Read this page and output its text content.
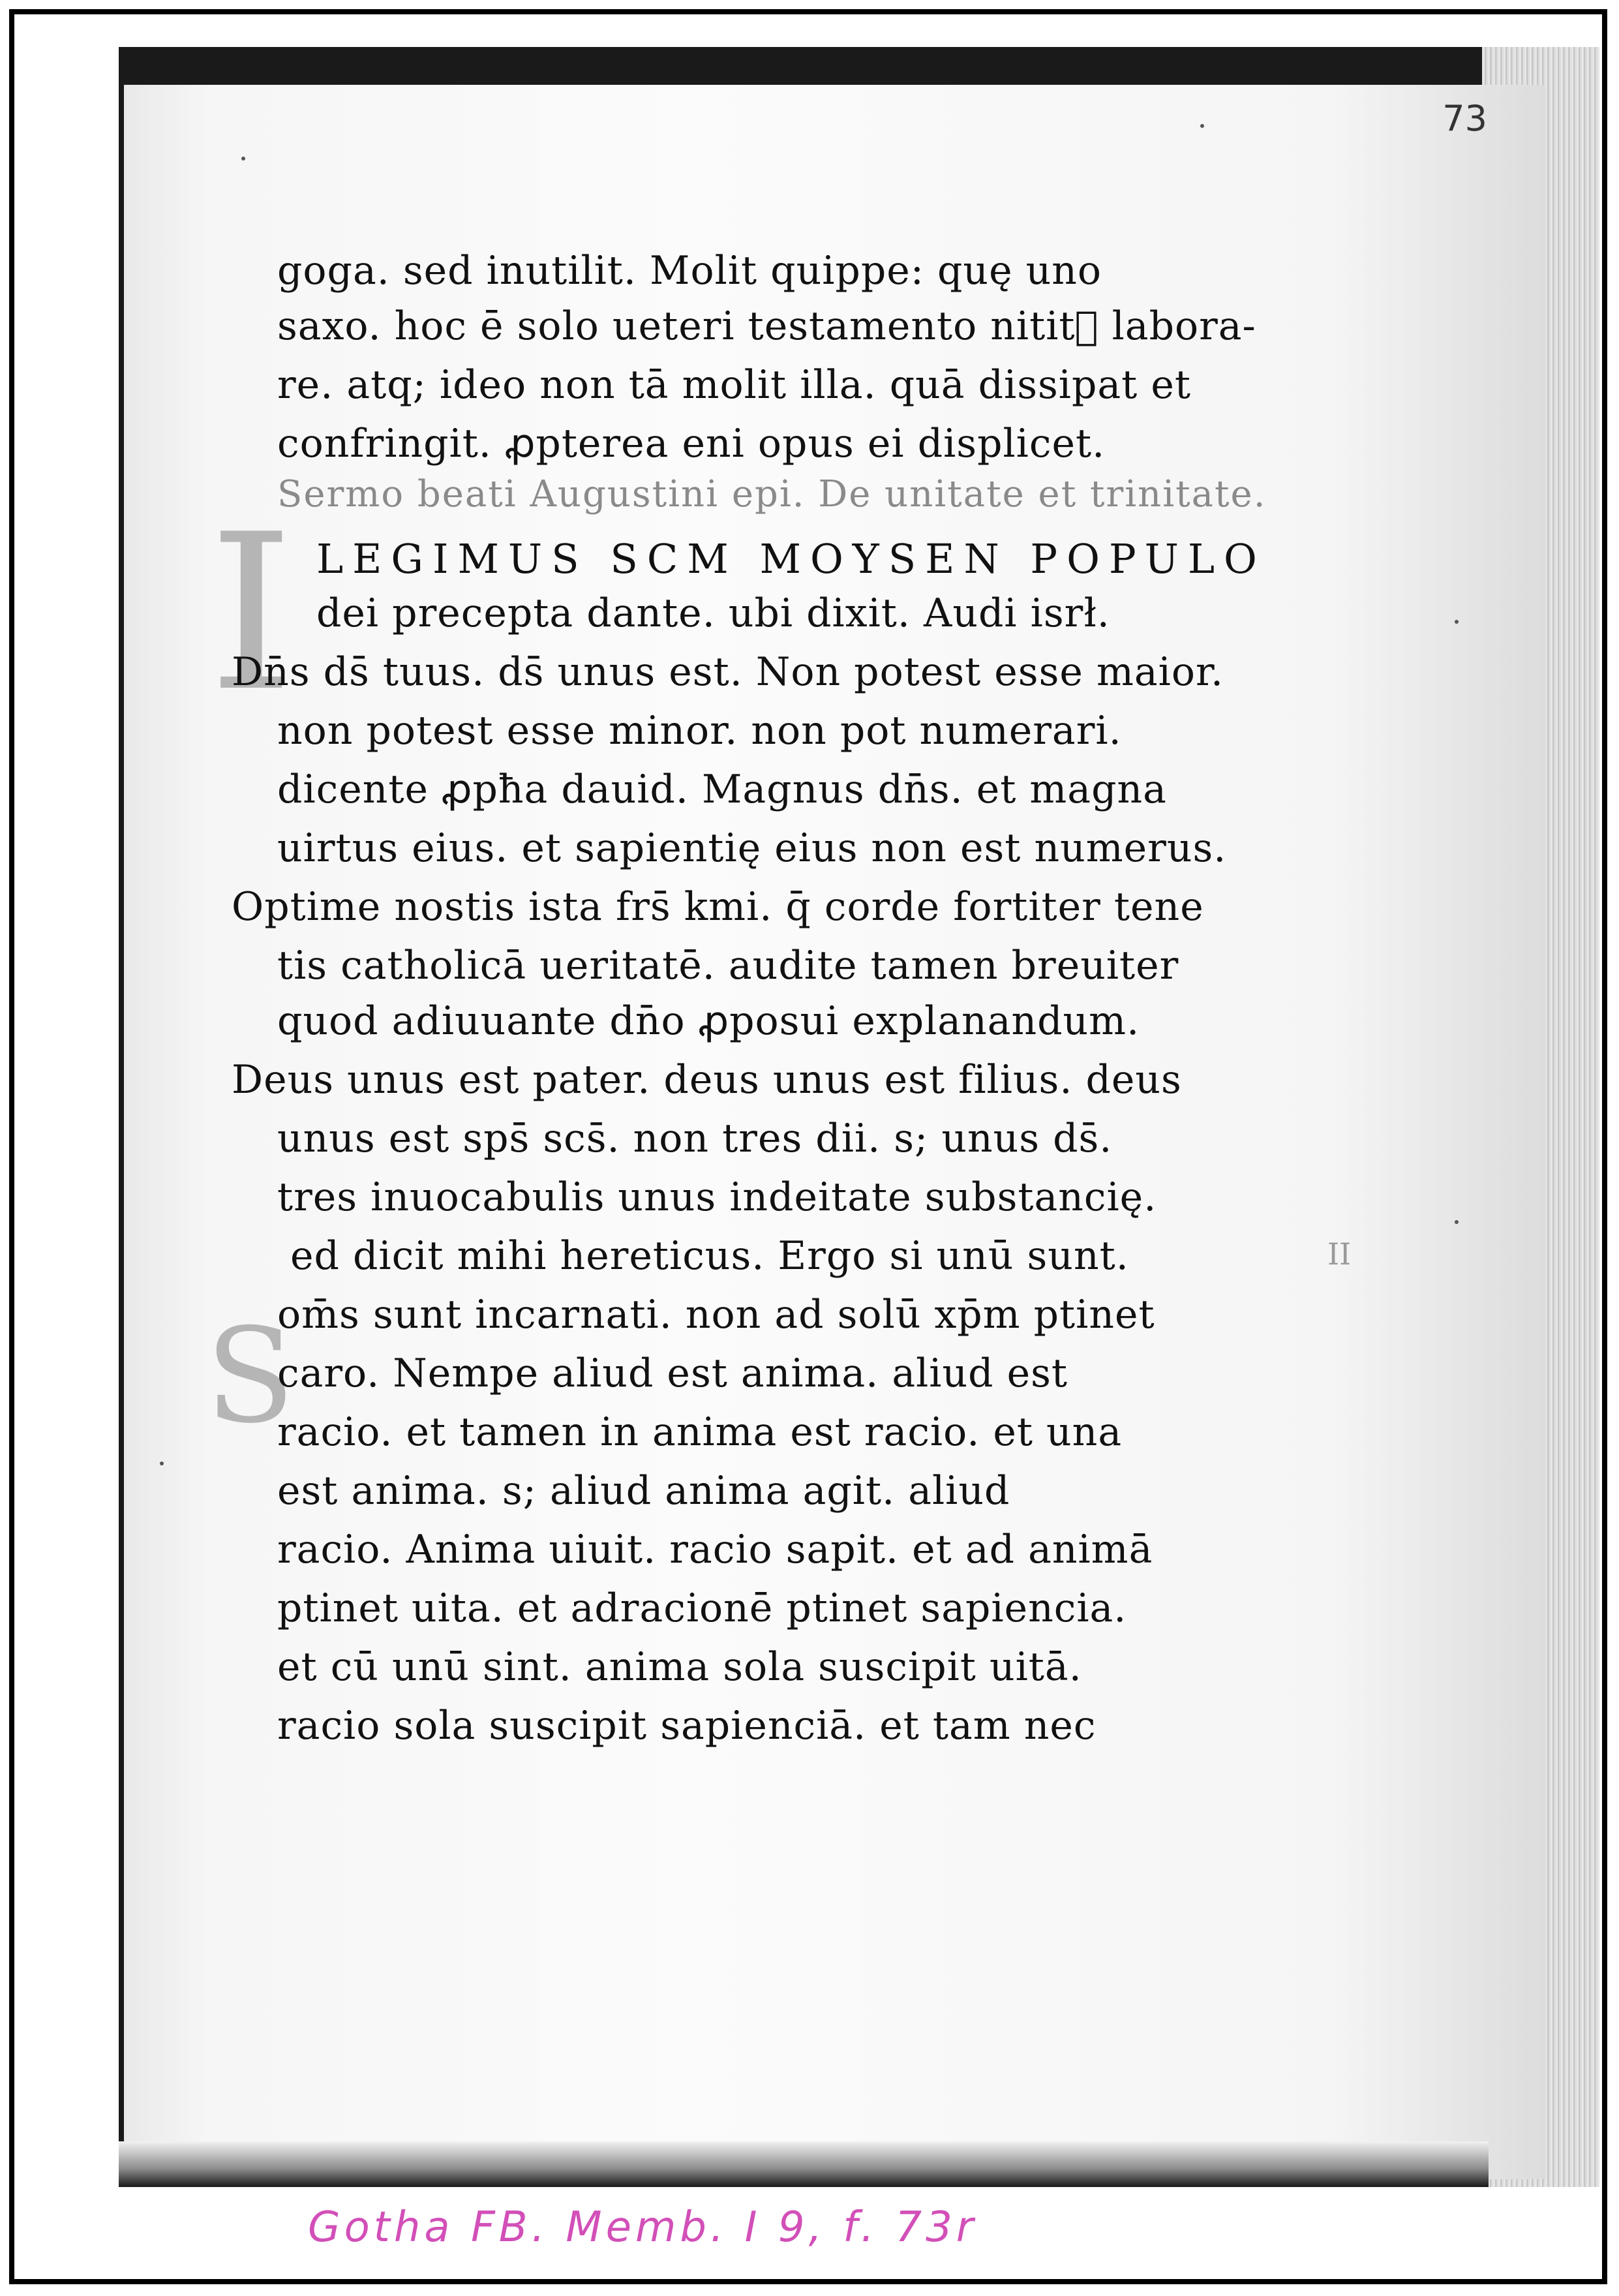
73
I
S
goga. sed inutilit. Molit quippe: quę uno
saxo. hoc ē solo ueteri testamento nititᷓ labora-
re. atq; ideo non tā molit illa. quā dissipat et
confringit. ꝓpterea eni opus ei displicet.
Sermo beati Augustini epi. De unitate et trinitate.
LEGIMUS SCM MOYSEN POPULO
dei precepta dante. ubi dixit. Audi isrł.
Dn̄s ds̄ tuus. ds̄ unus est. Non potest esse maior.
non potest esse minor. non pot numerari.
dicente ꝓpħa dauid. Magnus dn̄s. et magna
uirtus eius. et sapientię eius non est numerus.
Optime nostis ista frs̄ kmi. q̄ corde fortiter tene
tis catholicā ueritatē. audite tamen breuiter
quod adiuuante dn̄o ꝓposui explanandum.
Deus unus est pater. deus unus est filius. deus
unus est sps̄ scs̄. non tres dii. s; unus ds̄.
tres inuocabulis unus indeitate substancię.
ed dicit mihi hereticus. Ergo si unū sunt.	II
om̄s sunt incarnati. non ad solū xp̄m ptinet
caro. Nempe aliud est anima. aliud est
racio. et tamen in anima est racio. et una
est anima. s; aliud anima agit. aliud
racio. Anima uiuit. racio sapit. et ad animā
ptinet uita. et adracionē ptinet sapiencia.
et cū unū sint. anima sola suscipit uitā.
racio sola suscipit sapienciā. et tam nec
Gotha FB. Memb. I 9, f. 73r
